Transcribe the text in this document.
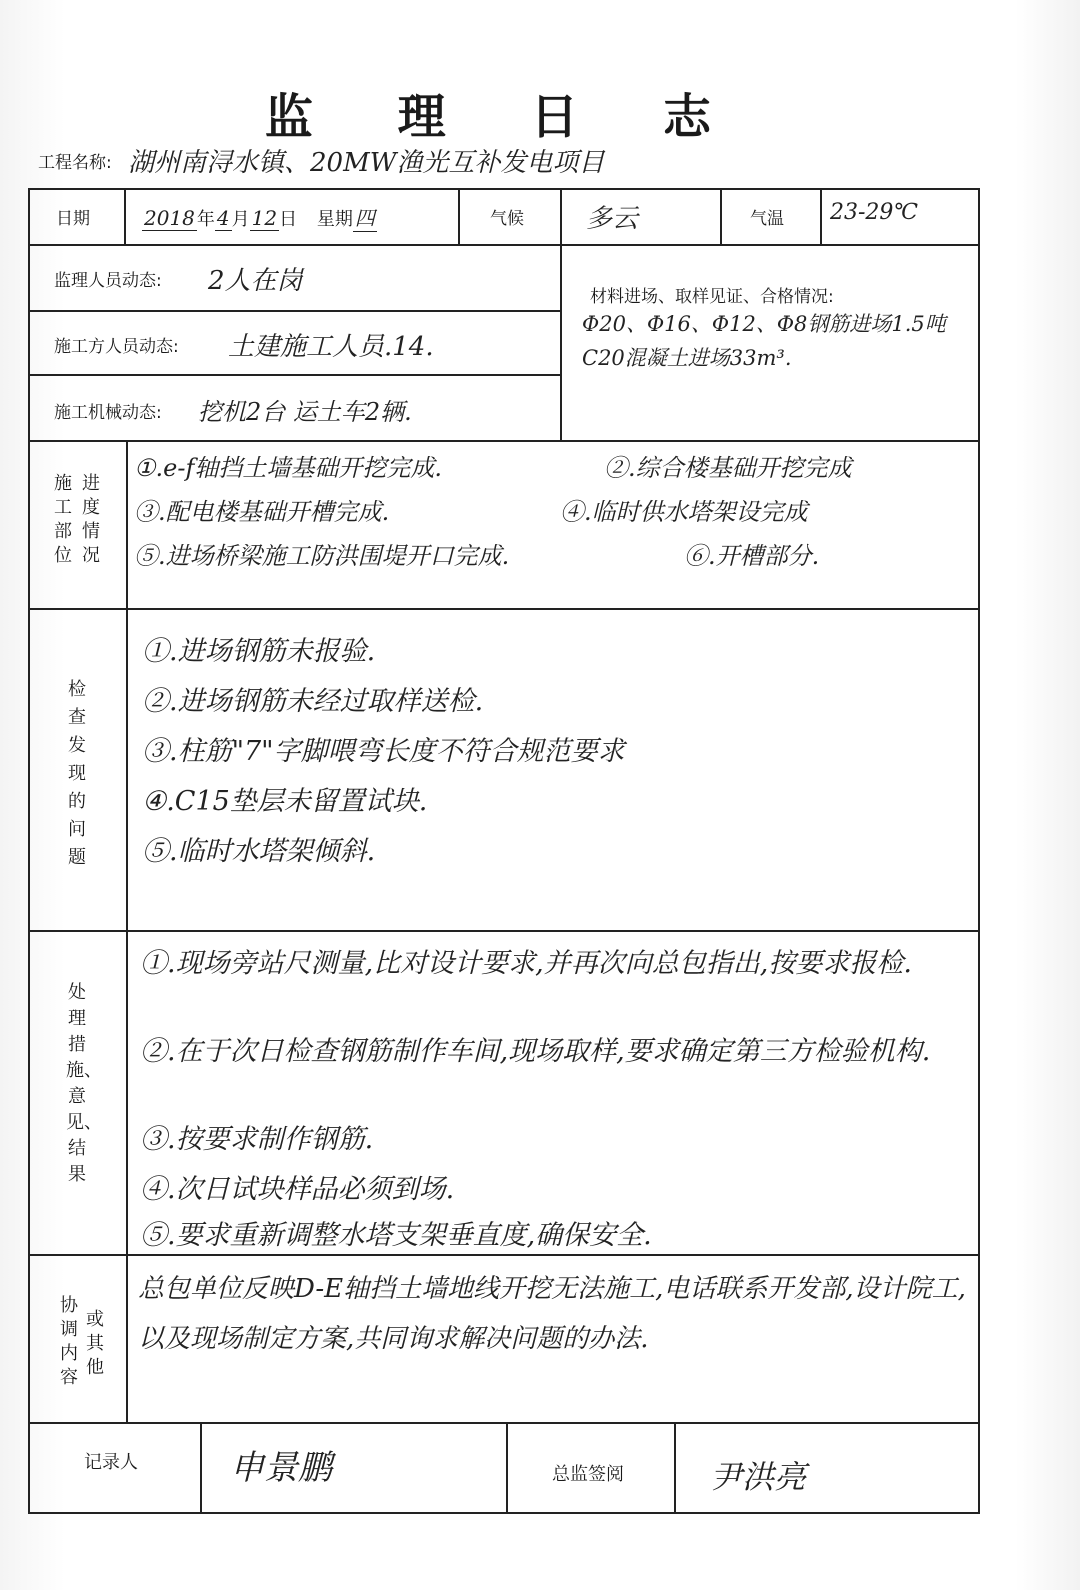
监 理 日 志
工程名称: 湖州南浔水镇、20MW渔光互补发电项目
日期	2018 年 4 月 12 日 星期 四	气候 多云	气温 23-29℃
监理人员动态: 2人在岗
施工方人员动态: 土建施工人员.14.
施工机械动态: 挖机2台 运土车2辆.
材料进场、取样见证、合格情况:
Φ20、Φ16、Φ12、Φ8钢筋进场1.5吨
C20混凝土进场33m³.
施工部位
进度情况
①.e-f轴挡土墙基础开挖完成.	②.综合楼基础开挖完成
③.配电楼基础开槽完成.	④.临时供水塔架设完成
⑤.进场桥梁施工防洪围堤开口完成.	⑥.开槽部分.
检查发现的问题
①.进场钢筋未报验.
②.进场钢筋未经过取样送检.
③.柱筋"7"字脚喂弯长度不符合规范要求
④.C15垫层未留置试块.
⑤.临时水塔架倾斜.
处理措施、意见、结果
①.现场旁站尺测量,比对设计要求,并再次向总包指出,按要求报检.
②.在于次日检查钢筋制作车间,现场取样,要求确定第三方检验机构.
③.按要求制作钢筋.
④.次日试块样品必须到场.
⑤.要求重新调整水塔支架垂直度,确保安全.
协调内容
或其他
总包单位反映D-E轴挡土墙地线开挖无法施工,电话联系开发部,设计院工,以及现场制定方案,共同询求解决问题的办法.
记录人	申景鹏	总监签阅	尹洪亮
